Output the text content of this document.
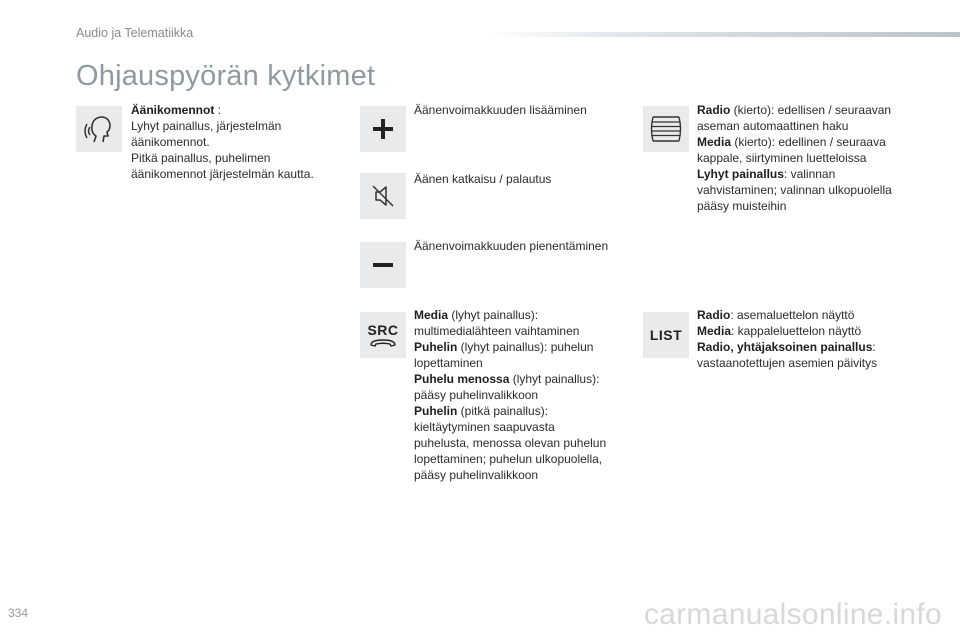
Audio ja Telematiikka
Ohjauspyörän kytkimet
Äänikomennot :
Lyhyt painallus, järjestelmän
äänikomennot.
Pitkä painallus, puhelimen
äänikomennot järjestelmän kautta.
Äänenvoimakkuuden lisääminen
Äänen katkaisu / palautus
Äänenvoimakkuuden pienentäminen
SRC
Media (lyhyt painallus):
multimedialähteen vaihtaminen
Puhelin (lyhyt painallus): puhelun
lopettaminen
Puhelu menossa (lyhyt painallus):
pääsy puhelinvalikkoon
Puhelin (pitkä painallus):
kieltäytyminen saapuvasta
puhelusta, menossa olevan puhelun
lopettaminen; puhelun ulkopuolella,
pääsy puhelinvalikkoon
Radio (kierto): edellisen / seuraavan
aseman automaattinen haku
Media (kierto): edellinen / seuraava
kappale, siirtyminen luetteloissa
Lyhyt painallus: valinnan
vahvistaminen; valinnan ulkopuolella
pääsy muisteihin
LIST
Radio: asemaluettelon näyttö
Media: kappaleluettelon näyttö
Radio, yhtäjaksoinen painallus:
vastaanotettujen asemien päivitys
334	carmanualsonline.info
